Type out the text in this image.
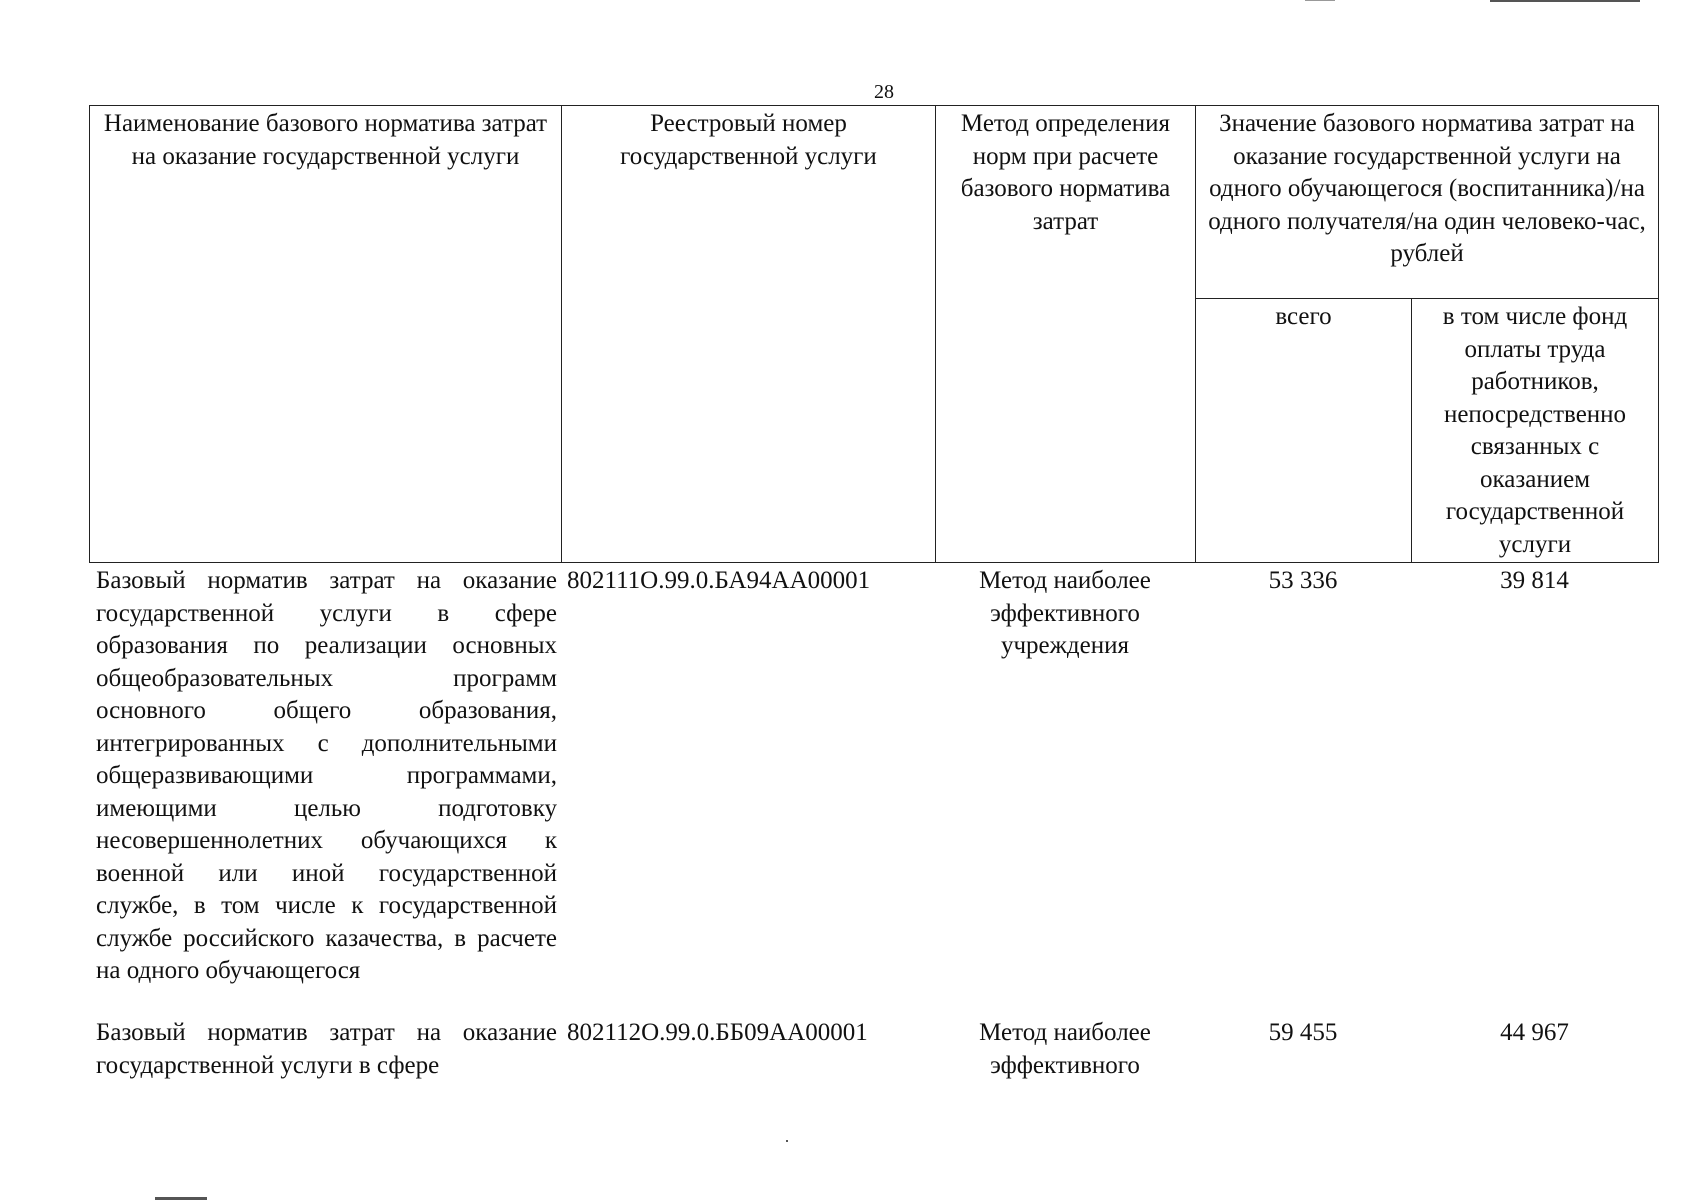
28
Наименование базового норматива затрат на оказание государственной услуги	Реестровый номер государственной услуги	Метод определения норм при расчете базового норматива затрат	Значение базового норматива затрат на оказание государственной услуги на одного обучающегося (воспитанника)/на одного получателя/на один человеко-час, рублей	
			всего	в том числе фонд оплаты труда работников, непосредственно связанных с оказанием государственной услуги
Базовый норматив затрат на оказание государственной услуги в сфере образования по реализации основных общеобразовательных программ основного общего образования, интегрированных с дополнительными общеразвивающими программами, имеющими целью подготовку несовершеннолетних обучающихся к военной или иной государственной службе, в том числе к государственной службе российского казачества, в расчете на одного обучающегося	802111О.99.0.БА94АА00001	Метод наиболее эффективного учреждения	53 336	39 814
Базовый норматив затрат на оказание государственной услуги в сфере	802112О.99.0.ББ09АА00001	Метод наиболее эффективного	59 455	44 967
